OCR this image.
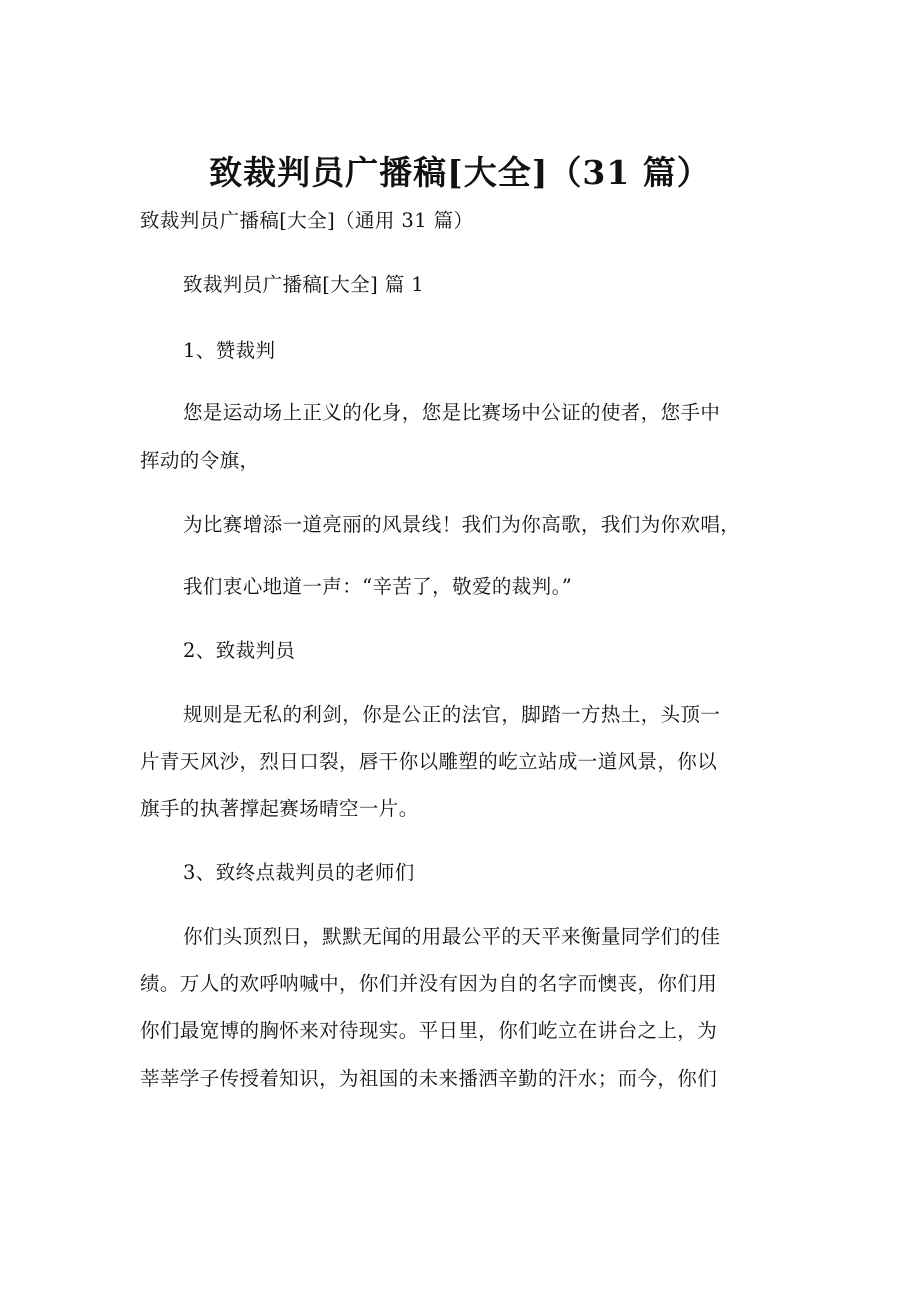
致裁判员广播稿[大全]（31 篇）
致裁判员广播稿[大全]（通用 31 篇）
致裁判员广播稿[大全] 篇 1
1、赞裁判
您是运动场上正义的化身，您是比赛场中公证的使者，您手中
挥动的令旗，
为比赛增添一道亮丽的风景线！我们为你高歌，我们为你欢唱，
我们衷心地道一声：“辛苦了，敬爱的裁判。”
2、致裁判员
规则是无私的利剑，你是公正的法官，脚踏一方热土，头顶一
片青天风沙，烈日口裂，唇干你以雕塑的屹立站成一道风景，你以
旗手的执著撑起赛场晴空一片。
3、致终点裁判员的老师们
你们头顶烈日，默默无闻的用最公平的天平来衡量同学们的佳
绩。万人的欢呼呐喊中，你们并没有因为自的名字而懊丧，你们用
你们最宽博的胸怀来对待现实。平日里，你们屹立在讲台之上，为
莘莘学子传授着知识，为祖国的未来播洒辛勤的汗水；而今，你们
